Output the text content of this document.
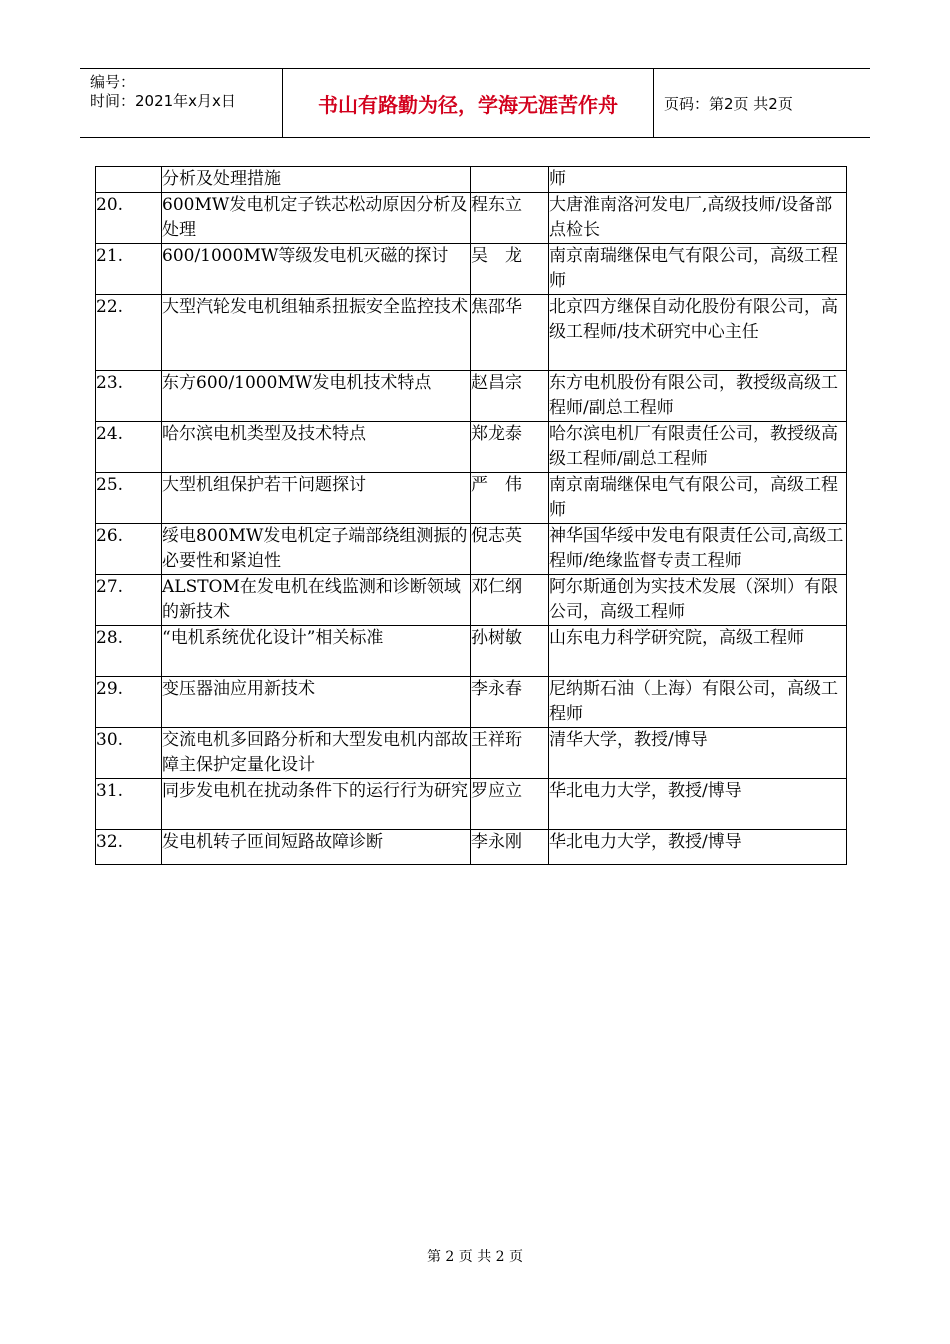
编号：
时间：2021年x月x日	书山有路勤为径，学海无涯苦作舟	页码：第2页 共2页

	分析及处理措施		师

20.	600MW发电机定子铁芯松动原因分析及处理	程东立	大唐淮南洛河发电厂,高级技师/设备部点检长

21.	600/1000MW等级发电机灭磁的探讨	吴　龙	南京南瑞继保电气有限公司，高级工程师

22.	大型汽轮发电机组轴系扭振安全监控技术	焦邵华	北京四方继保自动化股份有限公司，高级工程师/技术研究中心主任

23.	东方600/1000MW发电机技术特点	赵昌宗	东方电机股份有限公司，教授级高级工程师/副总工程师

24.	哈尔滨电机类型及技术特点	郑龙泰	哈尔滨电机厂有限责任公司，教授级高级工程师/副总工程师

25.	大型机组保护若干问题探讨	严　伟	南京南瑞继保电气有限公司，高级工程师

26.	绥电800MW发电机定子端部绕组测振的必要性和紧迫性	倪志英	神华国华绥中发电有限责任公司,高级工程师/绝缘监督专责工程师

27.	ALSTOM在发电机在线监测和诊断领域的新技术	邓仁纲	阿尔斯通创为实技术发展（深圳）有限公司，高级工程师

28.	“电机系统优化设计”相关标准	孙树敏	山东电力科学研究院，高级工程师

29.	变压器油应用新技术	李永春	尼纳斯石油（上海）有限公司，高级工程师

30.	交流电机多回路分析和大型发电机内部故障主保护定量化设计	王祥珩	清华大学，教授/博导

31.	同步发电机在扰动条件下的运行行为研究	罗应立	华北电力大学，教授/博导

32.	发电机转子匝间短路故障诊断	李永刚	华北电力大学，教授/博导
第 2 页 共 2 页
